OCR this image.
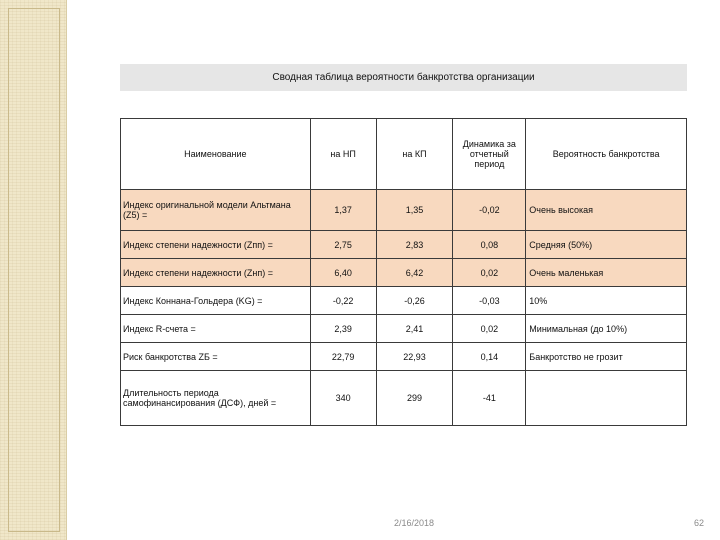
Сводная таблица вероятности банкротства организации
Наименование	на НП	на КП	Динамика за отчетный период	Вероятность банкротства
Индекс оригинальной модели Альтмана (Z5) =	1,37	1,35	-0,02	Очень высокая
Индекс степени надежности (Zпп) =	2,75	2,83	0,08	Средняя (50%)
Индекс степени надежности (Zнп) =	6,40	6,42	0,02	Очень маленькая
Индекс Коннана-Гольдера (KG) =	-0,22	-0,26	-0,03	10%
Индекс R-счета =	2,39	2,41	0,02	Минимальная (до 10%)
Риск банкротства ZБ =	22,79	22,93	0,14	Банкротство не грозит
Длительность периода самофинансирования (ДСФ), дней =	340	299	-41	
2/16/2018	62
